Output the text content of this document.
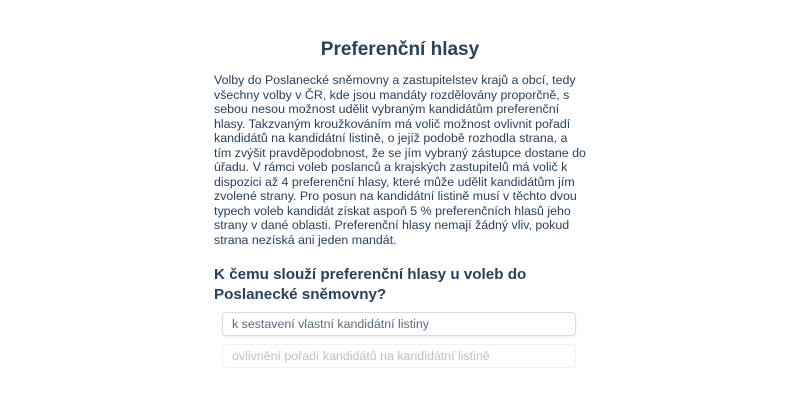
Preferenční hlasy

Volby do Poslanecké sněmovny a zastupitelstev krajů a obcí, tedy všechny volby v ČR, kde jsou mandáty rozdělovány proporčně, s sebou nesou možnost udělit vybraným kandidátům preferenční hlasy. Takzvaným kroužkováním má volič možnost ovlivnit pořadí kandidátů na kandidátní listině, o jejíž podobě rozhodla strana, a tím zvýšit pravděpodobnost, že se jím vybraný zástupce dostane do úřadu. V rámci voleb poslanců a krajských zastupitelů má volič k dispozici až 4 preferenční hlasy, které může udělit kandidátům jím zvolené strany. Pro posun na kandidátní listině musí v těchto dvou typech voleb kandidát získat aspoň 5 % preferenčních hlasů jeho strany v dané oblasti. Preferenční hlasy nemají žádný vliv, pokud strana nezíská ani jeden mandát.

K čemu slouží preferenční hlasy u voleb do Poslanecké sněmovny?
k sestavení vlastní kandidátní listiny
ovlivnění pořadí kandidátů na kandidátní listině
